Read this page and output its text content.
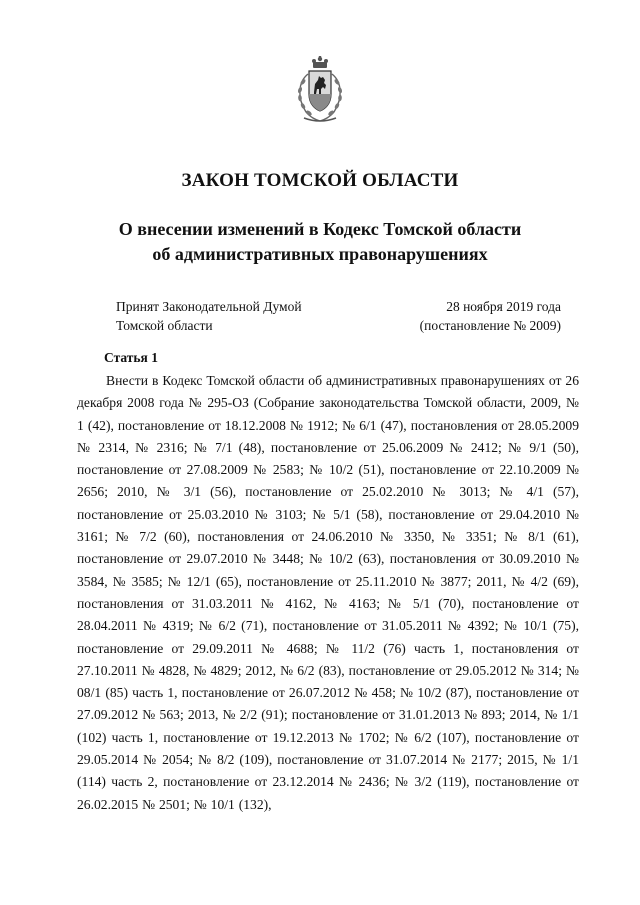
ЗАКОН ТОМСКОЙ ОБЛАСТИ
О внесении изменений в Кодекс Томской области
об административных правонарушениях
Принят Законодательной Думой
Томской области
28 ноября 2019 года
(постановление № 2009)
Статья 1

Внести в Кодекс Томской области об административных правонарушениях от 26 декабря 2008 года № 295-ОЗ (Собрание законодательства Томской области, 2009, № 1 (42), постановление от 18.12.2008 № 1912; № 6/1 (47), постановления от 28.05.2009 № 2314, № 2316; № 7/1 (48), постановление от 25.06.2009 № 2412; № 9/1 (50), постановление от 27.08.2009 № 2583; № 10/2 (51), постановление от 22.10.2009 № 2656; 2010, № 3/1 (56), постановление от 25.02.2010 № 3013; № 4/1 (57), постановление от 25.03.2010 № 3103; № 5/1 (58), постановление от 29.04.2010 № 3161; № 7/2 (60), постановления от 24.06.2010 № 3350, № 3351; № 8/1 (61), постановление от 29.07.2010 № 3448; № 10/2 (63), постановления от 30.09.2010 № 3584, № 3585; № 12/1 (65), постановление от 25.11.2010 № 3877; 2011, № 4/2 (69), постановления от 31.03.2011 № 4162, № 4163; № 5/1 (70), постановление от 28.04.2011 № 4319; № 6/2 (71), постановление от 31.05.2011 № 4392; № 10/1 (75), постановление от 29.09.2011 № 4688; № 11/2 (76) часть 1, постановления от 27.10.2011 № 4828, № 4829; 2012, № 6/2 (83), постановление от 29.05.2012 № 314; № 08/1 (85) часть 1, постановление от 26.07.2012 № 458; № 10/2 (87), постановление от 27.09.2012 № 563; 2013, № 2/2 (91); постановление от 31.01.2013 № 893; 2014, № 1/1 (102) часть 1, постановление от 19.12.2013 № 1702; № 6/2 (107), постановление от 29.05.2014 № 2054; № 8/2 (109), постановление от 31.07.2014 № 2177; 2015, № 1/1 (114) часть 2, постановление от 23.12.2014 № 2436; № 3/2 (119), постановление от 26.02.2015 № 2501; № 10/1 (132),
